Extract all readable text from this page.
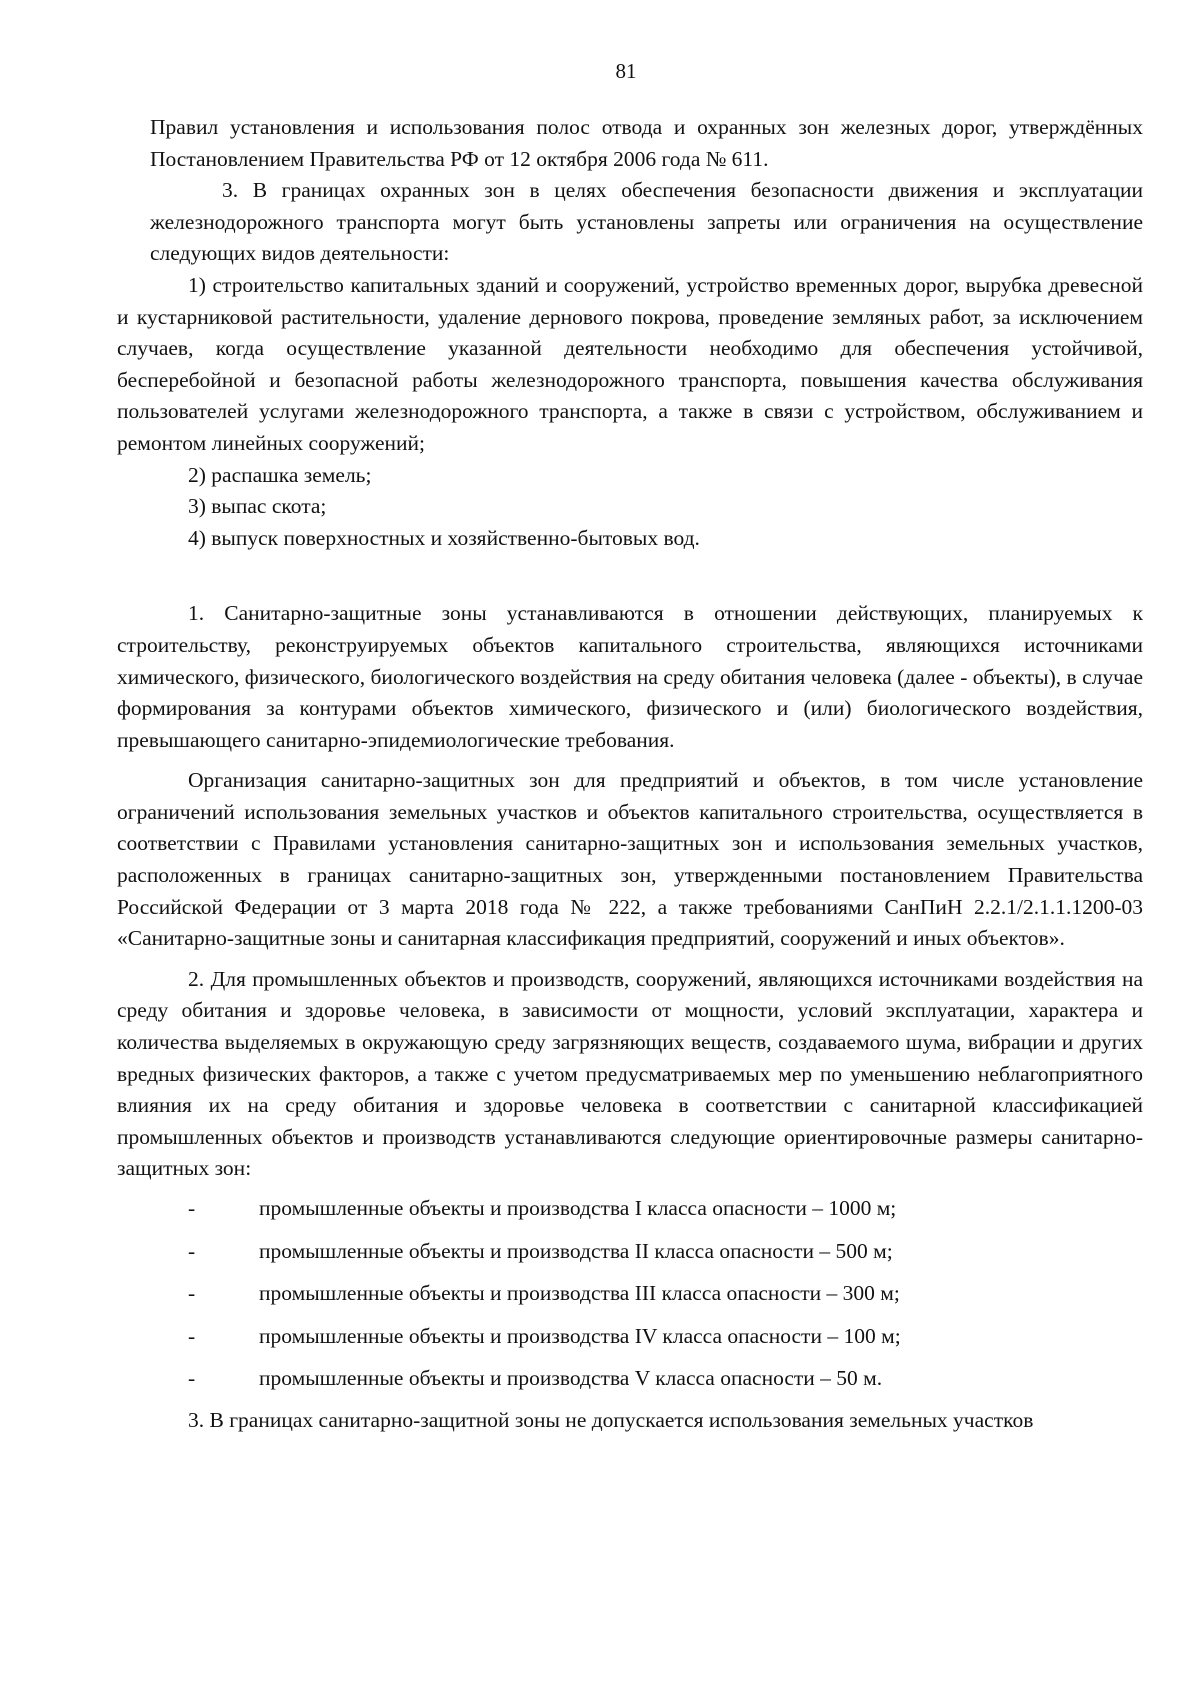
81

Правил установления и использования полос отвода и охранных зон железных дорог, утверждённых Постановлением Правительства РФ от 12 октября 2006 года № 611.

3. В границах охранных зон в целях обеспечения безопасности движения и эксплуатации железнодорожного транспорта могут быть установлены запреты или ограничения на осуществление следующих видов деятельности:

1) строительство капитальных зданий и сооружений, устройство временных дорог, вырубка древесной и кустарниковой растительности, удаление дернового покрова, проведение земляных работ, за исключением случаев, когда осуществление указанной деятельности необходимо для обеспечения устойчивой, бесперебойной и безопасной работы железнодорожного транспорта, повышения качества обслуживания пользователей услугами железнодорожного транспорта, а также в связи с устройством, обслуживанием и ремонтом линейных сооружений;

2) распашка земель;

3) выпас скота;

4) выпуск поверхностных и хозяйственно-бытовых вод.

1. Санитарно-защитные зоны устанавливаются в отношении действующих, планируемых к строительству, реконструируемых объектов капитального строительства, являющихся источниками химического, физического, биологического воздействия на среду обитания человека (далее - объекты), в случае формирования за контурами объектов химического, физического и (или) биологического воздействия, превышающего санитарно-эпидемиологические требования.

Организация санитарно-защитных зон для предприятий и объектов, в том числе установление ограничений использования земельных участков и объектов капитального строительства, осуществляется в соответствии с Правилами установления санитарно-защитных зон и использования земельных участков, расположенных в границах санитарно-защитных зон, утвержденными постановлением Правительства Российской Федерации от 3 марта 2018 года № 222, а также требованиями СанПиН 2.2.1/2.1.1.1200-03 «Санитарно-защитные зоны и санитарная классификация предприятий, сооружений и иных объектов».

2. Для промышленных объектов и производств, сооружений, являющихся источниками воздействия на среду обитания и здоровье человека, в зависимости от мощности, условий эксплуатации, характера и количества выделяемых в окружающую среду загрязняющих веществ, создаваемого шума, вибрации и других вредных физических факторов, а также с учетом предусматриваемых мер по уменьшению неблагоприятного влияния их на среду обитания и здоровье человека в соответствии с санитарной классификацией промышленных объектов и производств устанавливаются следующие ориентировочные размеры санитарно-защитных зон:

-	промышленные объекты и производства I класса опасности – 1000 м;

-	промышленные объекты и производства II класса опасности – 500 м;

-	промышленные объекты и производства III класса опасности – 300 м;

-	промышленные объекты и производства IV класса опасности – 100 м;

-	промышленные объекты и производства V класса опасности – 50 м.

3. В границах санитарно-защитной зоны не допускается использования земельных участков
